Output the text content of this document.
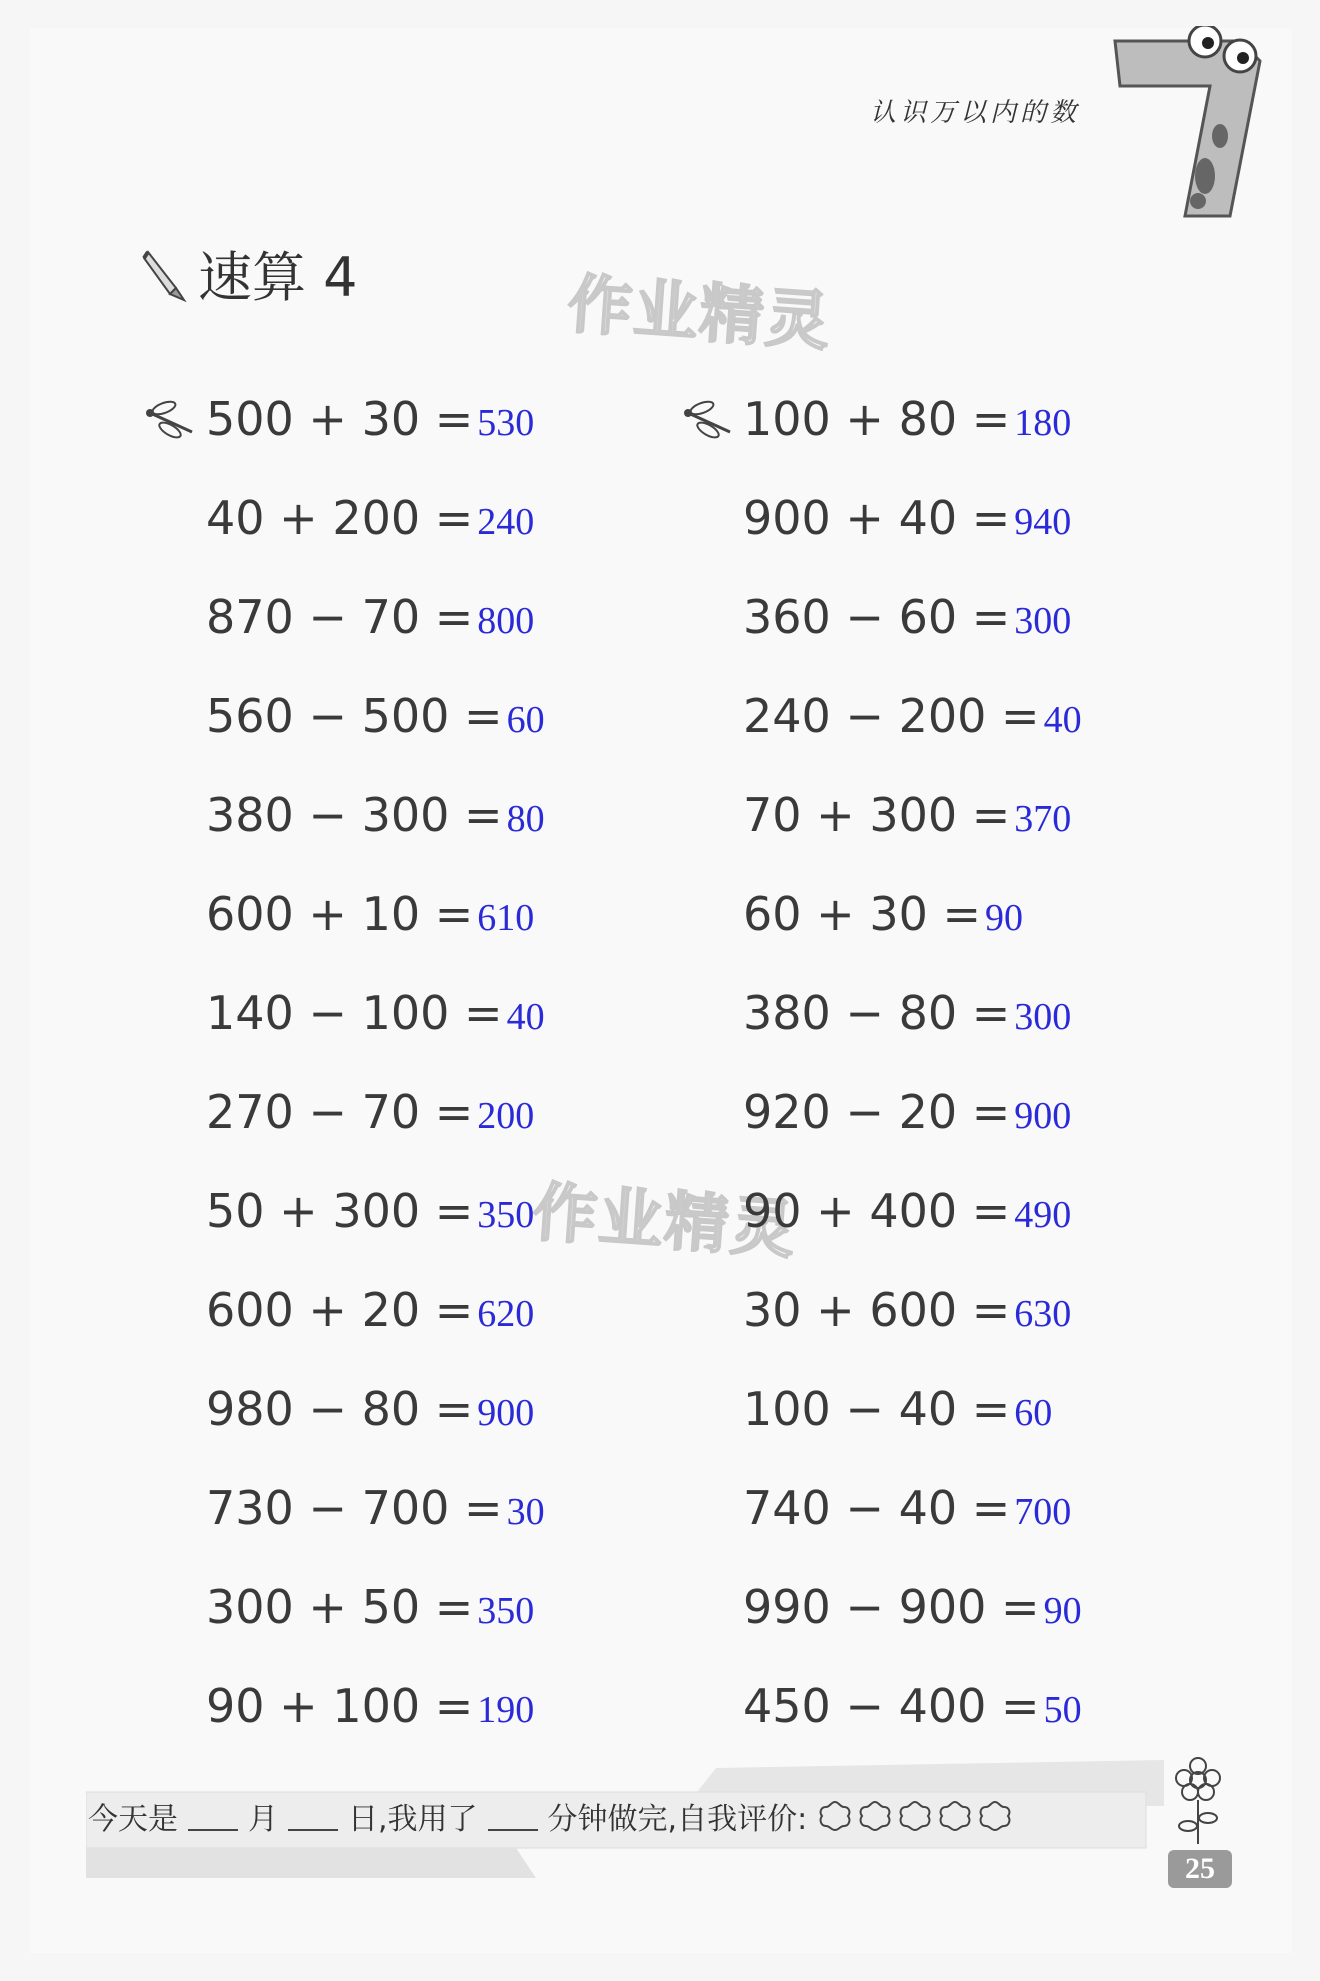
认识万以内的数
速算 4	作业精灵
作业精灵
500 + 30 = 530
40 + 200 = 240
870 − 70 = 800
560 − 500 = 60
380 − 300 = 80
600 + 10 = 610
140 − 100 = 40
270 − 70 = 200
50 + 300 = 350
600 + 20 = 620
980 − 80 = 900
730 − 700 = 30
300 + 50 = 350
90 + 100 = 190
100 + 80 = 180
900 + 40 = 940
360 − 60 = 300
240 − 200 = 40
70 + 300 = 370
60 + 30 = 90
380 − 80 = 300
920 − 20 = 900
90 + 400 = 490
30 + 600 = 630
100 − 40 = 60
740 − 40 = 700
990 − 900 = 90
450 − 400 = 50
今天是 月 日,我用了 分钟做完,自我评价:
25
